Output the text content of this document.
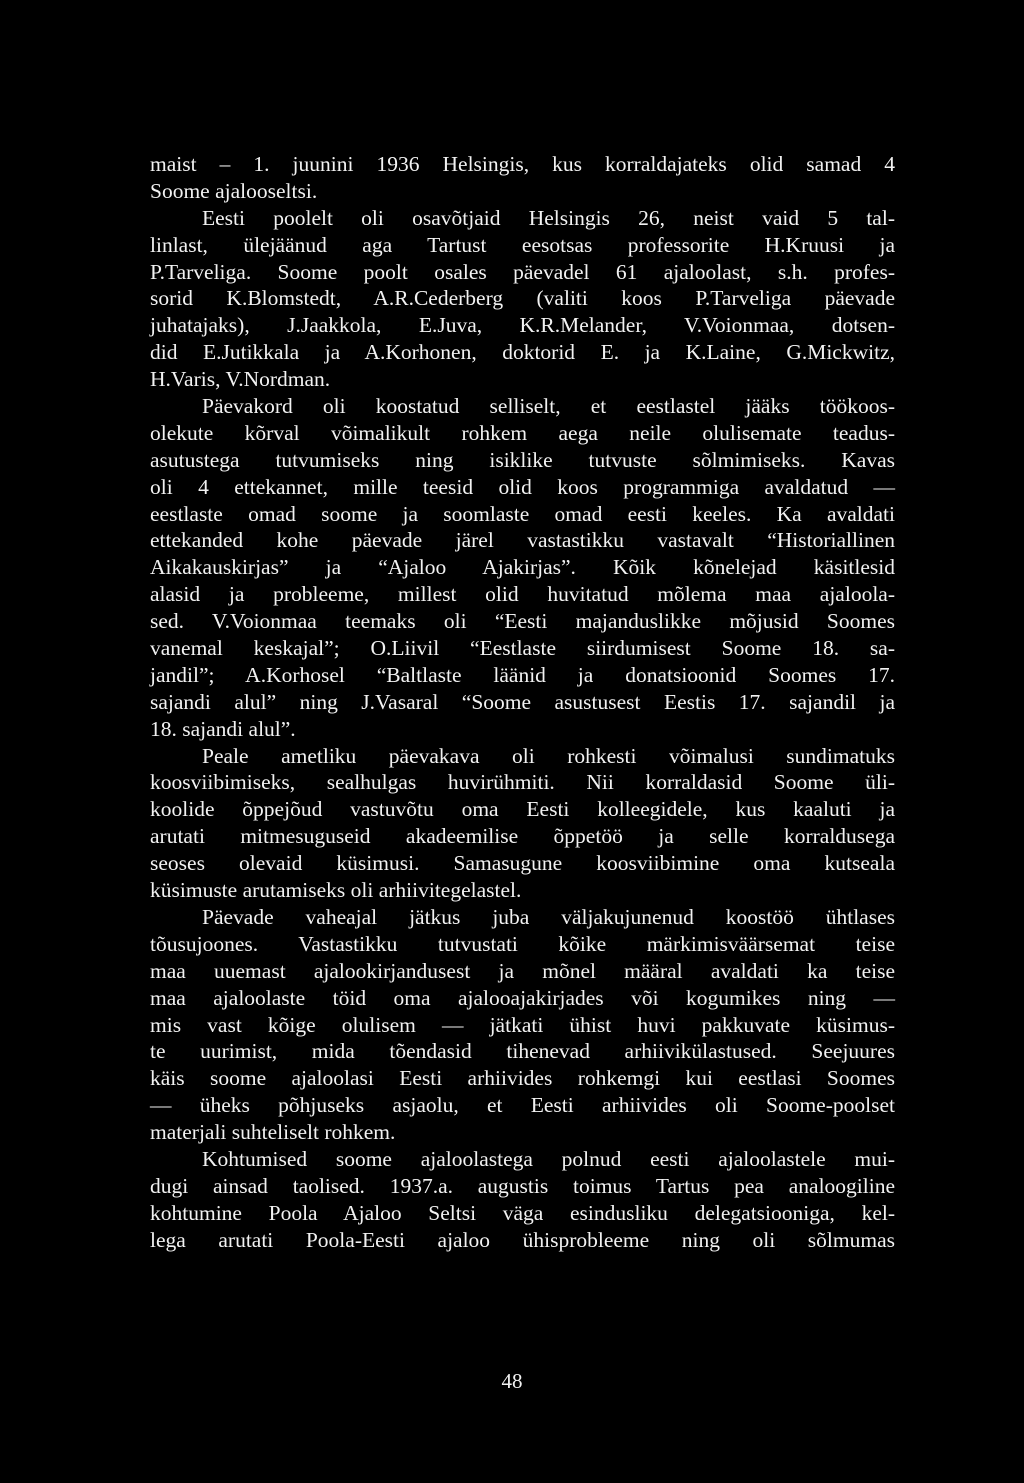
maist – 1. juunini 1936 Helsingis, kus korraldajateks olid samad 4
Soome ajalooseltsi.
Eesti poolelt oli osavõtjaid Helsingis 26, neist vaid 5 tal-
linlast, ülejäänud aga Tartust eesotsas professorite H.Kruusi ja
P.Tarveliga. Soome poolt osales päevadel 61 ajaloolast, s.h. profes-
sorid K.Blomstedt, A.R.Cederberg (valiti koos P.Tarveliga päevade
juhatajaks), J.Jaakkola, E.Juva, K.R.Melander, V.Voionmaa, dotsen-
did E.Jutikkala ja A.Korhonen, doktorid E. ja K.Laine, G.Mickwitz,
H.Varis, V.Nordman.
Päevakord oli koostatud selliselt, et eestlastel jääks töökoos-
olekute kõrval võimalikult rohkem aega neile olulisemate teadus-
asutustega tutvumiseks ning isiklike tutvuste sõlmimiseks. Kavas
oli 4 ettekannet, mille teesid olid koos programmiga avaldatud —
eestlaste omad soome ja soomlaste omad eesti keeles. Ka avaldati
ettekanded kohe päevade järel vastastikku vastavalt “Historiallinen
Aikakauskirjas” ja “Ajaloo Ajakirjas”. Kõik kõnelejad käsitlesid
alasid ja probleeme, millest olid huvitatud mõlema maa ajaloola-
sed. V.Voionmaa teemaks oli “Eesti majanduslikke mõjusid Soomes
vanemal keskajal”; O.Liivil “Eestlaste siirdumisest Soome 18. sa-
jandil”; A.Korhosel “Baltlaste läänid ja donatsioonid Soomes 17.
sajandi alul” ning J.Vasaral “Soome asustusest Eestis 17. sajandil ja
18. sajandi alul”.
Peale ametliku päevakava oli rohkesti võimalusi sundimatuks
koosviibimiseks, sealhulgas huvirühmiti. Nii korraldasid Soome üli-
koolide õppejõud vastuvõtu oma Eesti kolleegidele, kus kaaluti ja
arutati mitmesuguseid akadeemilise õppetöö ja selle korraldusega
seoses olevaid küsimusi. Samasugune koosviibimine oma kutseala
küsimuste arutamiseks oli arhiivitegelastel.
Päevade vaheajal jätkus juba väljakujunenud koostöö ühtlases
tõusujoones. Vastastikku tutvustati kõike märkimisväärsemat teise
maa uuemast ajalookirjandusest ja mõnel määral avaldati ka teise
maa ajaloolaste töid oma ajalooajakirjades või kogumikes ning —
mis vast kõige olulisem — jätkati ühist huvi pakkuvate küsimus-
te uurimist, mida tõendasid tihenevad arhiivikülastused. Seejuures
käis soome ajaloolasi Eesti arhiivides rohkemgi kui eestlasi Soomes
— üheks põhjuseks asjaolu, et Eesti arhiivides oli Soome-poolset
materjali suhteliselt rohkem.
Kohtumised soome ajaloolastega polnud eesti ajaloolastele mui-
dugi ainsad taolised. 1937.a. augustis toimus Tartus pea analoogiline
kohtumine Poola Ajaloo Seltsi väga esindusliku delegatsiooniga, kel-
lega arutati Poola-Eesti ajaloo ühisprobleeme ning oli sõlmumas
48
